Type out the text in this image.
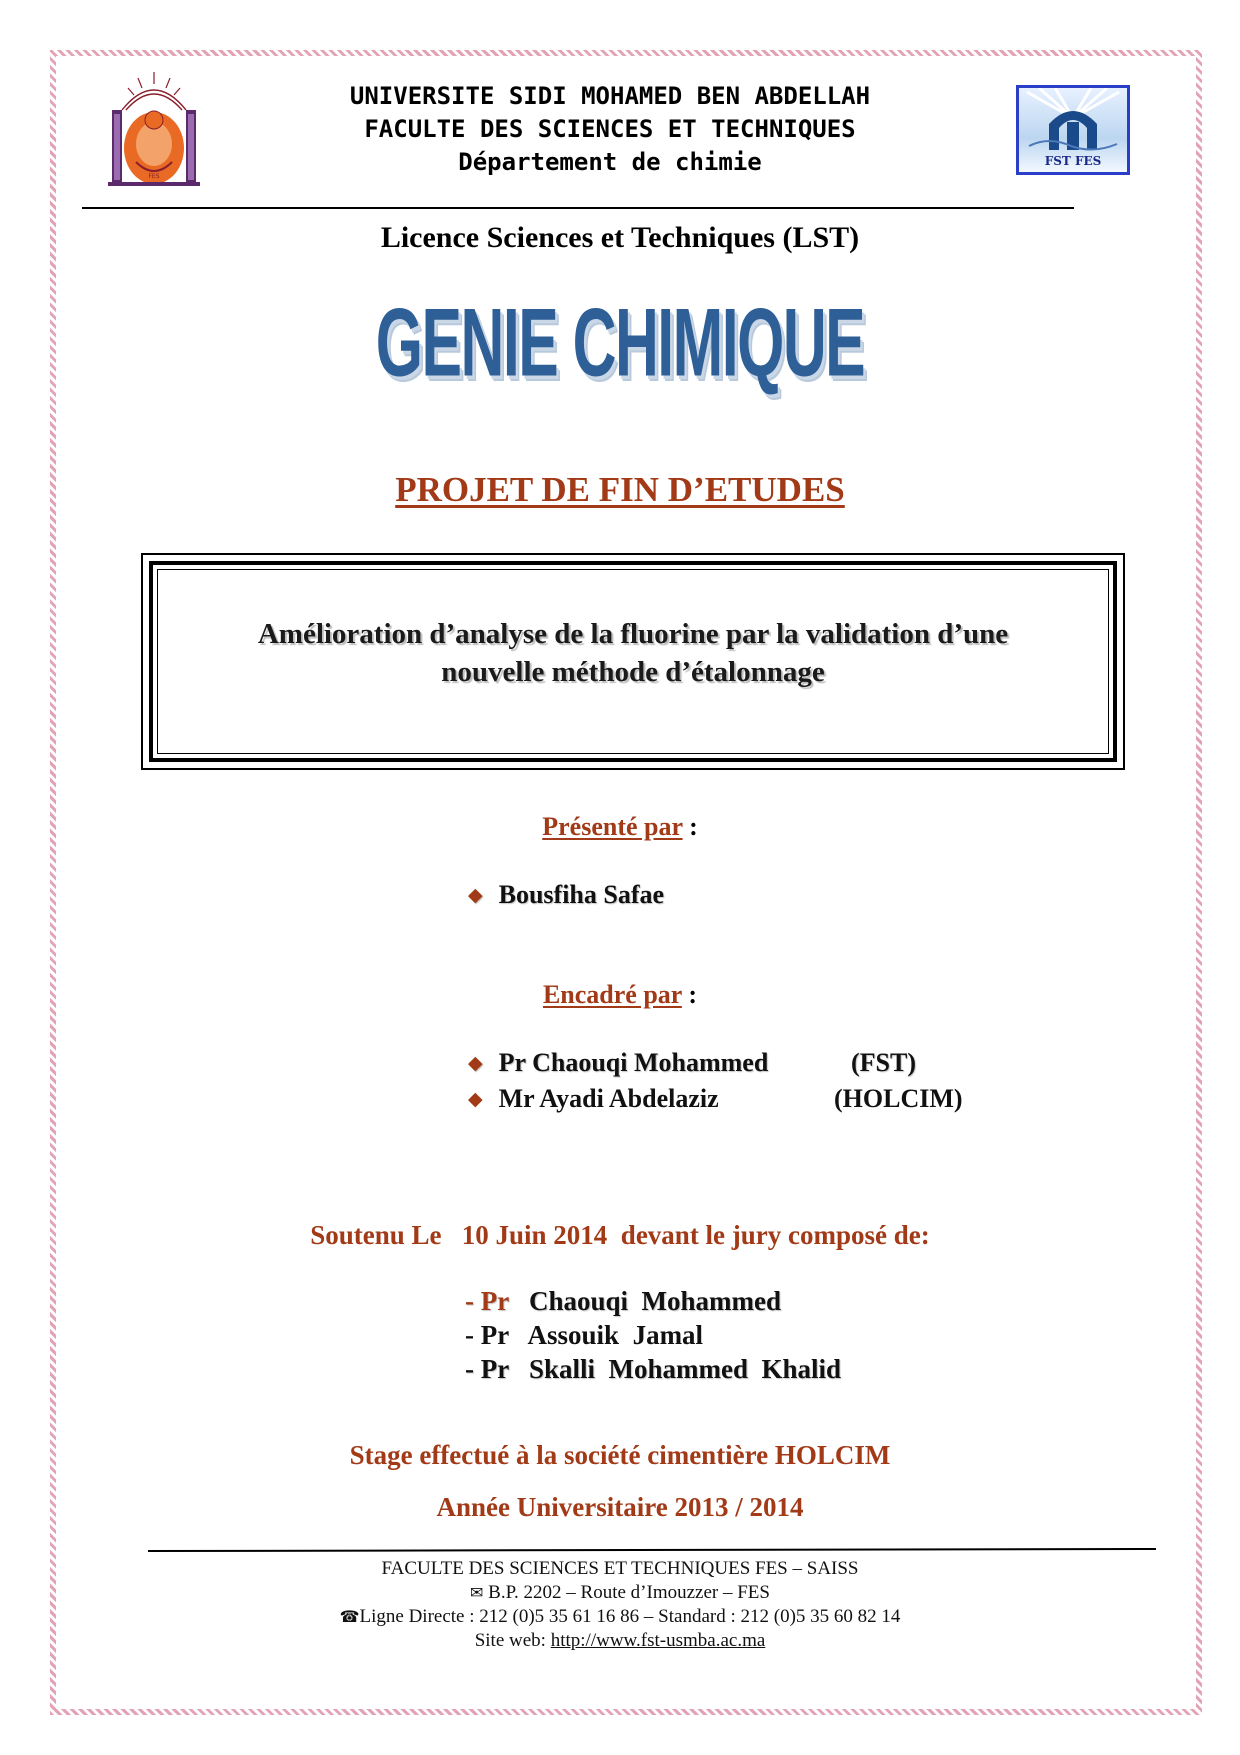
FES
UNIVERSITE SIDI MOHAMED BEN ABDELLAH
FACULTE DES SCIENCES ET TECHNIQUES
Département de chimie	FST FES
Licence Sciences et Techniques (LST)
GENIE CHIMIQUE
PROJET DE FIN D’ETUDES
Amélioration d’analyse de la fluorine par la validation d’une
nouvelle méthode d’étalonnage
Présenté par :
◆ Bousfiha Safae
Encadré par :
◆ Pr Chaouqi Mohammed	(FST)
◆ Mr Ayadi Abdelaziz	(HOLCIM)
Soutenu Le   10 Juin 2014  devant le jury composé de:
- Pr Chaouqi  Mohammed
- Pr Assouik  Jamal
- Pr Skalli  Mohammed  Khalid
Stage effectué à la société cimentière HOLCIM
Année Universitaire 2013 / 2014
FACULTE DES SCIENCES ET TECHNIQUES FES – SAISS
✉ B.P. 2202 – Route d’Imouzzer – FES
☎Ligne Directe : 212 (0)5 35 61 16 86 – Standard : 212 (0)5 35 60 82 14
Site web: http://www.fst-usmba.ac.ma
